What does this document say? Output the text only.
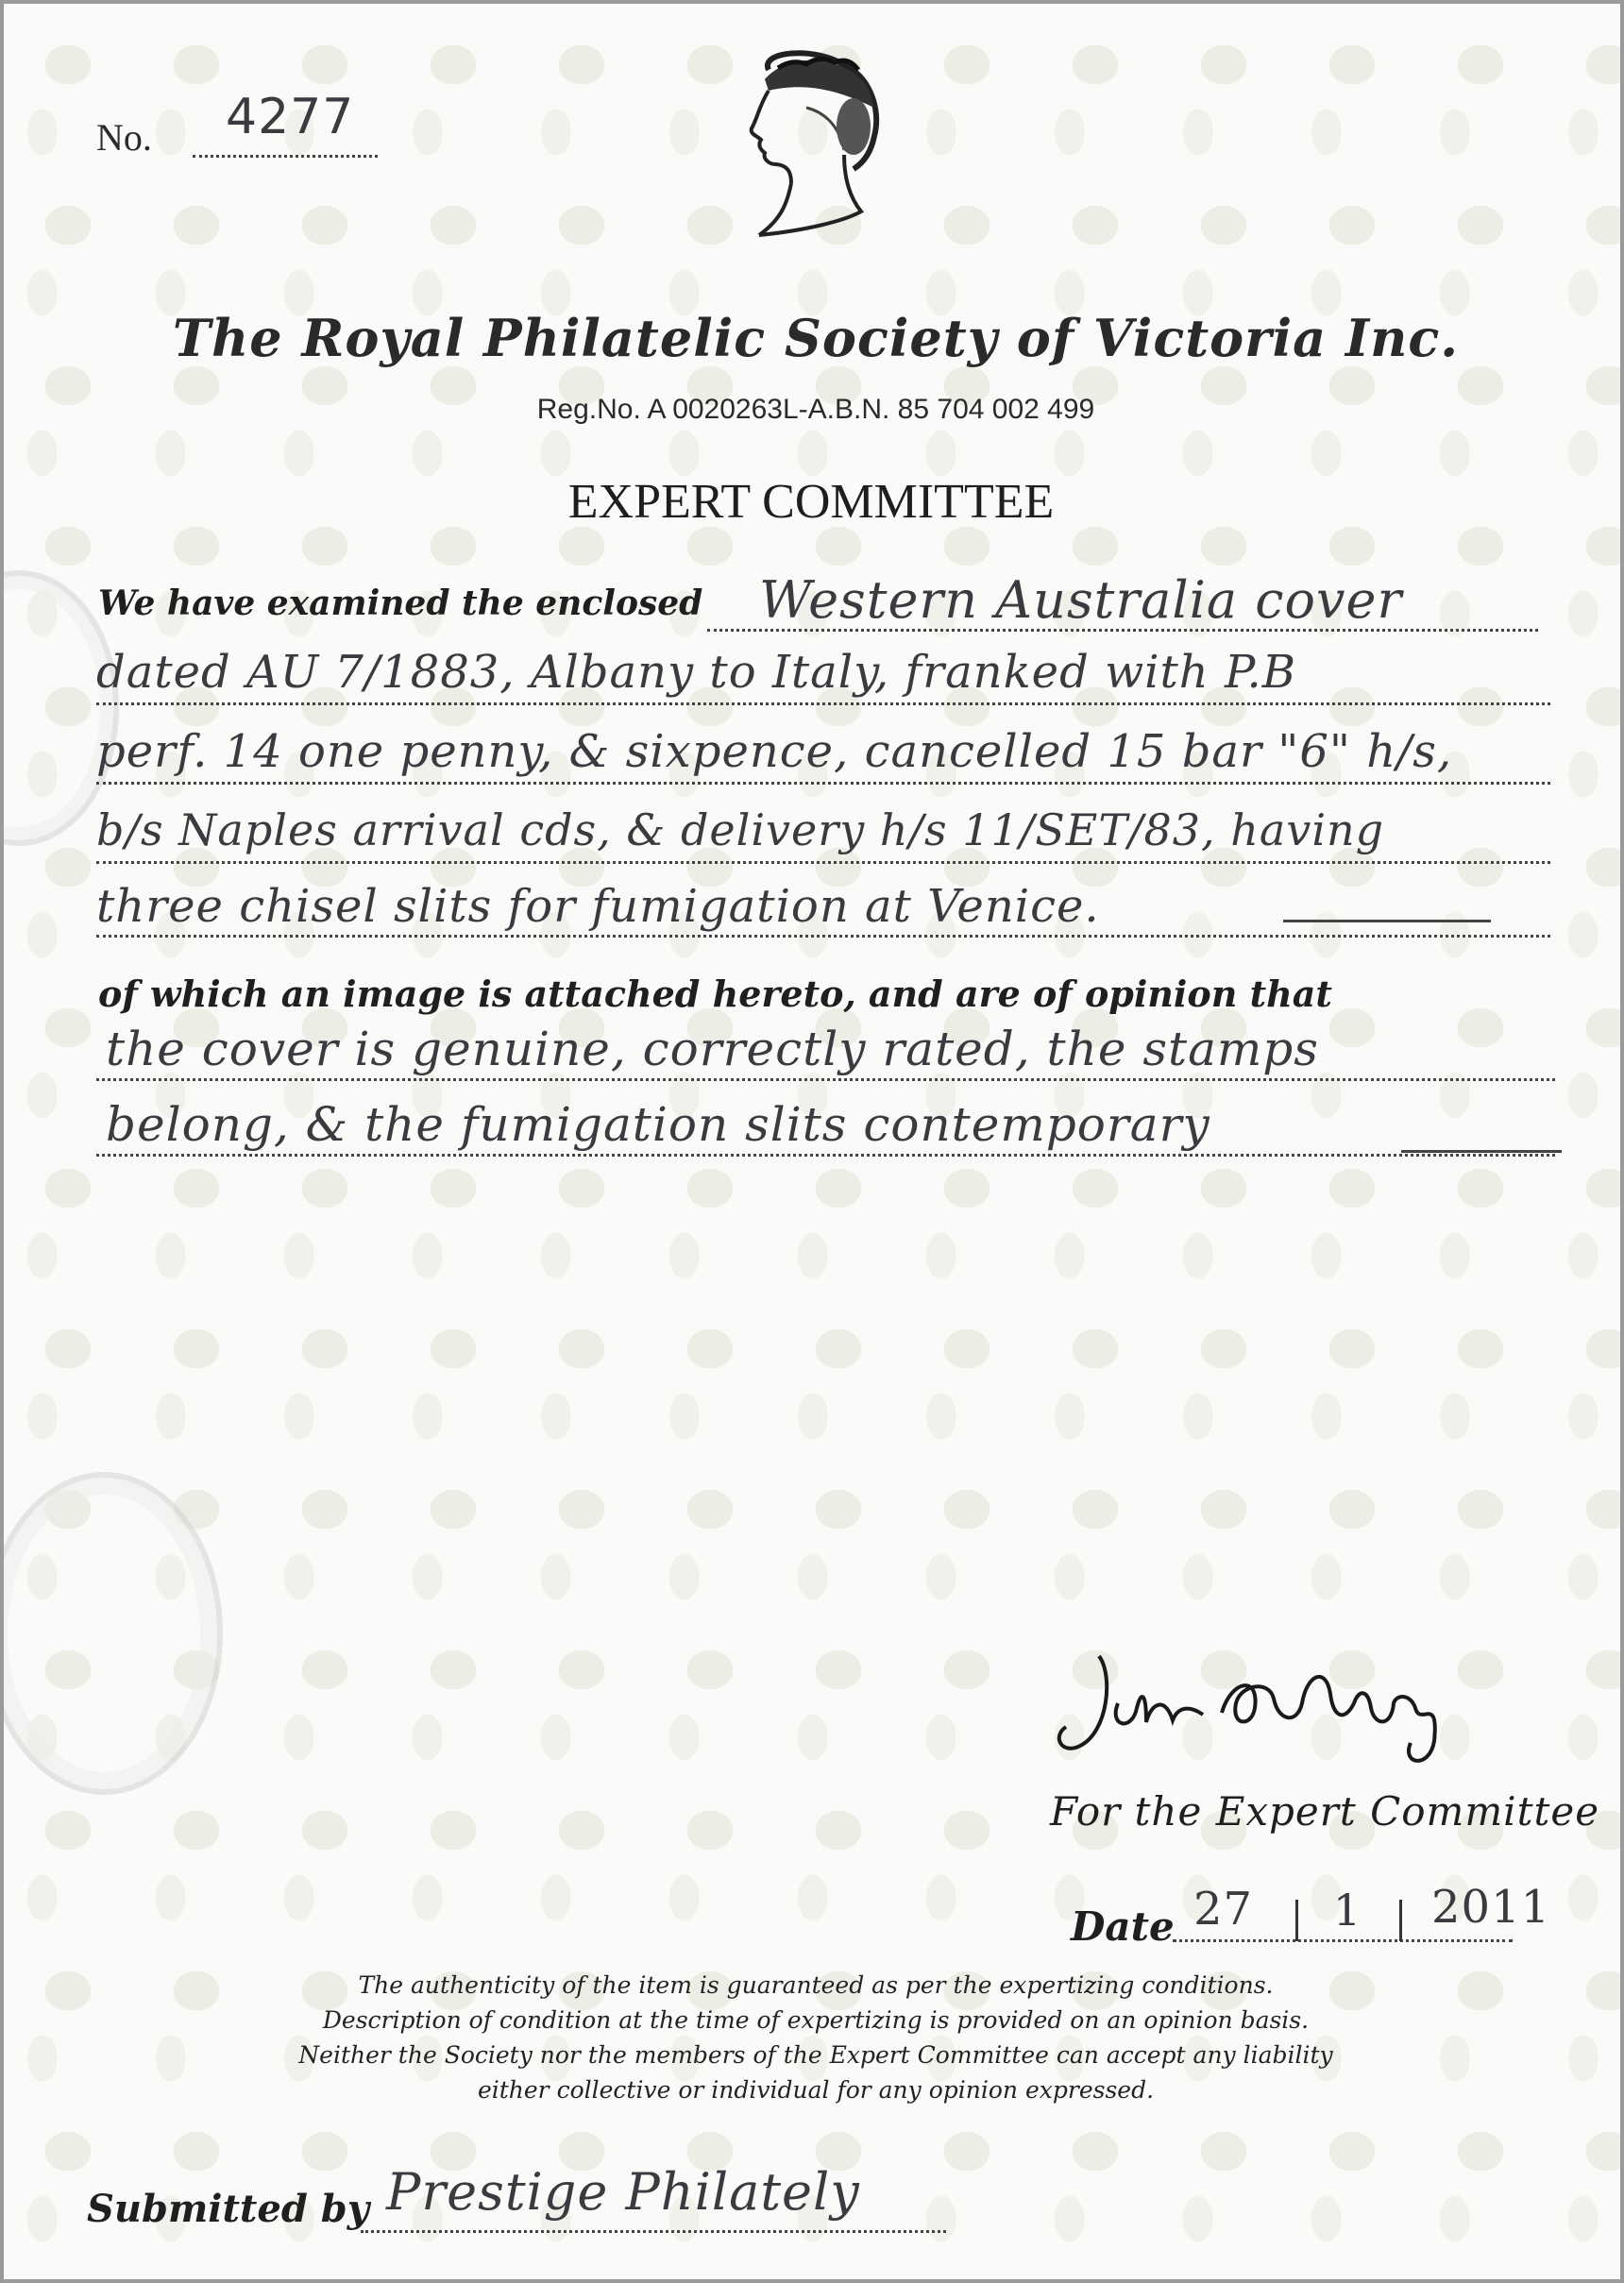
No. 4277
The Royal Philatelic Society of Victoria Inc.
Reg.No. A 0020263L-A.B.N. 85 704 002 499
EXPERT COMMITTEE
We have examined the enclosed Western Australia cover
dated AU 7/1883, Albany to Italy, franked with P.B
perf. 14 one penny, & sixpence, cancelled 15 bar "6" h/s,
b/s Naples arrival cds, & delivery h/s 11/SET/83, having
three chisel slits for fumigation at Venice.
of which an image is attached hereto, and are of opinion that
the cover is genuine, correctly rated, the stamps
belong, & the fumigation slits contemporary
For the Expert Committee
Date 27 1 2011
The authenticity of the item is guaranteed as per the expertizing conditions.
Description of condition at the time of expertizing is provided on an opinion basis.
Neither the Society nor the members of the Expert Committee can accept any liability
either collective or individual for any opinion expressed.
Submitted by Prestige Philately
